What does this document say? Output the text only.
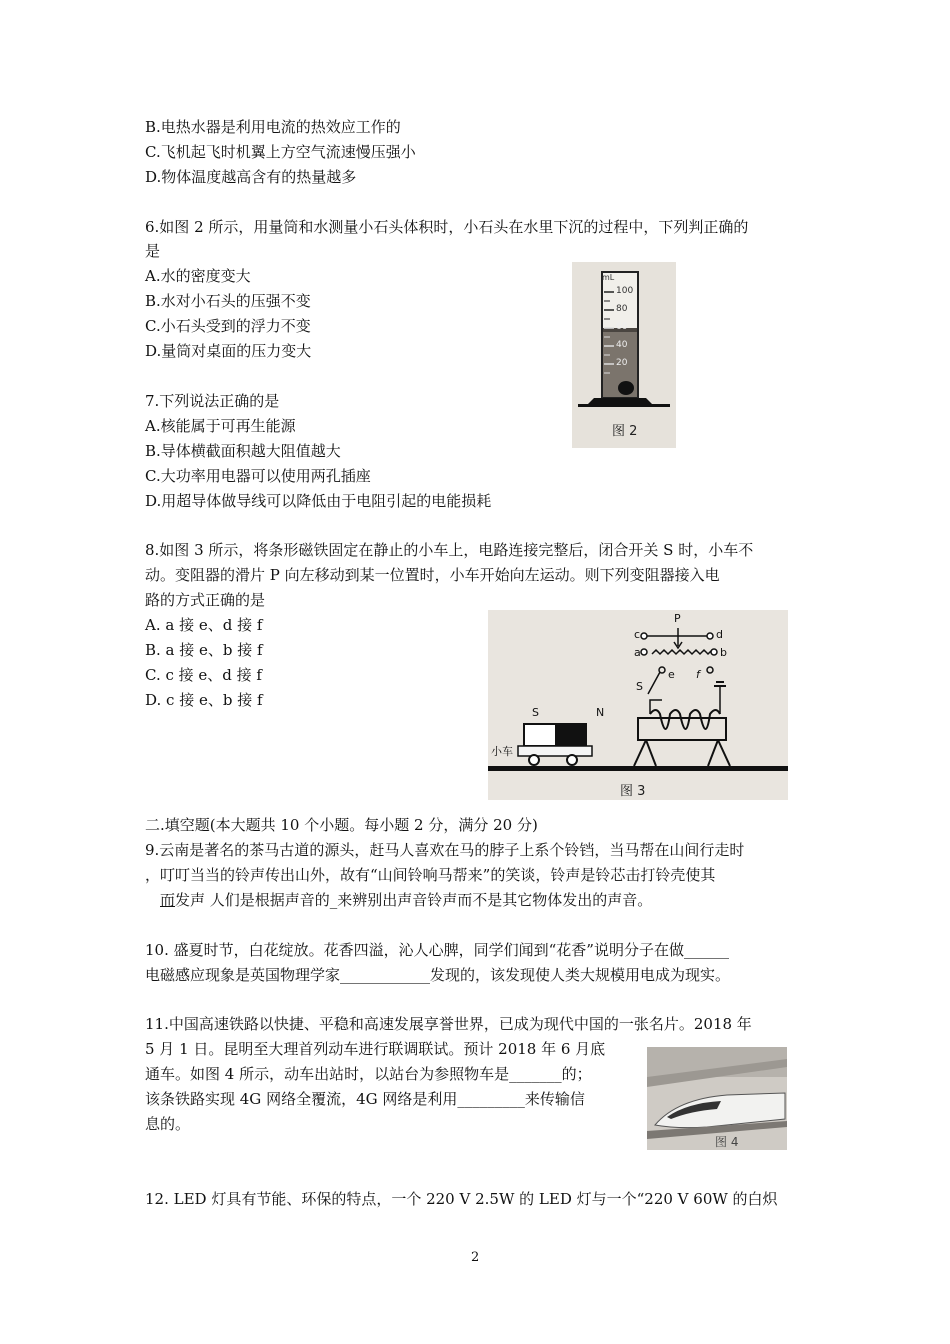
B.电热水器是利用电流的热效应工作的
C.飞机起飞时机翼上方空气流速慢压强小
D.物体温度越高含有的热量越多
6.如图 2 所示，用量筒和水测量小石头体积时，小石头在水里下沉的过程中，下列判正确的
是
A.水的密度变大
B.水对小石头的压强不变
C.小石头受到的浮力不变
D.量筒对桌面的压力变大
mL
100
80
60
40
20
图 2
7.下列说法正确的是
A.核能属于可再生能源
B.导体横截面积越大阻值越大
C.大功率用电器可以使用两孔插座
D.用超导体做导线可以降低由于电阻引起的电能损耗
8.如图 3 所示，将条形磁铁固定在静止的小车上，电路连接完整后，闭合开关 S 时，小车不
动。变阻器的滑片 P 向左移动到某一位置时，小车开始向左运动。则下列变阻器接入电
路的方式正确的是
A. a 接 e、d 接 f
B. a 接 e、b 接 f
C. c 接 e、d 接 f
D. c 接 e、b 接 f
S	N
小车
P
c	d
a	b
e f
S
图 3
二.填空题(本大题共 10 个小题。每小题 2 分，满分 20 分)
9.云南是著名的茶马古道的源头，赶马人喜欢在马的脖子上系个铃铛，当马帮在山间行走时
，叮叮当当的铃声传出山外，故有“山间铃响马帮来”的笑谈，铃声是铃芯击打铃壳使其
而发声 人们是根据声音的_来辨别出声音铃声而不是其它物体发出的声音。
10. 盛夏时节，白花绽放。花香四溢，沁人心脾，同学们闻到“花香”说明分子在做______
电磁感应现象是英国物理学家____________发现的，该发现使人类大规模用电成为现实。
11.中国高速铁路以快捷、平稳和高速发展享誉世界，已成为现代中国的一张名片。2018 年
5 月 1 日。昆明至大理首列动车进行联调联试。预计 2018 年 6 月底
通车。如图 4 所示，动车出站时，以站台为参照物车是_______的；
该条铁路实现 4G 网络全覆流，4G 网络是利用_________来传输信
息的。
图 4
12. LED 灯具有节能、环保的特点，一个 220 V 2.5W 的 LED 灯与一个“220 V 60W 的白炽
2
